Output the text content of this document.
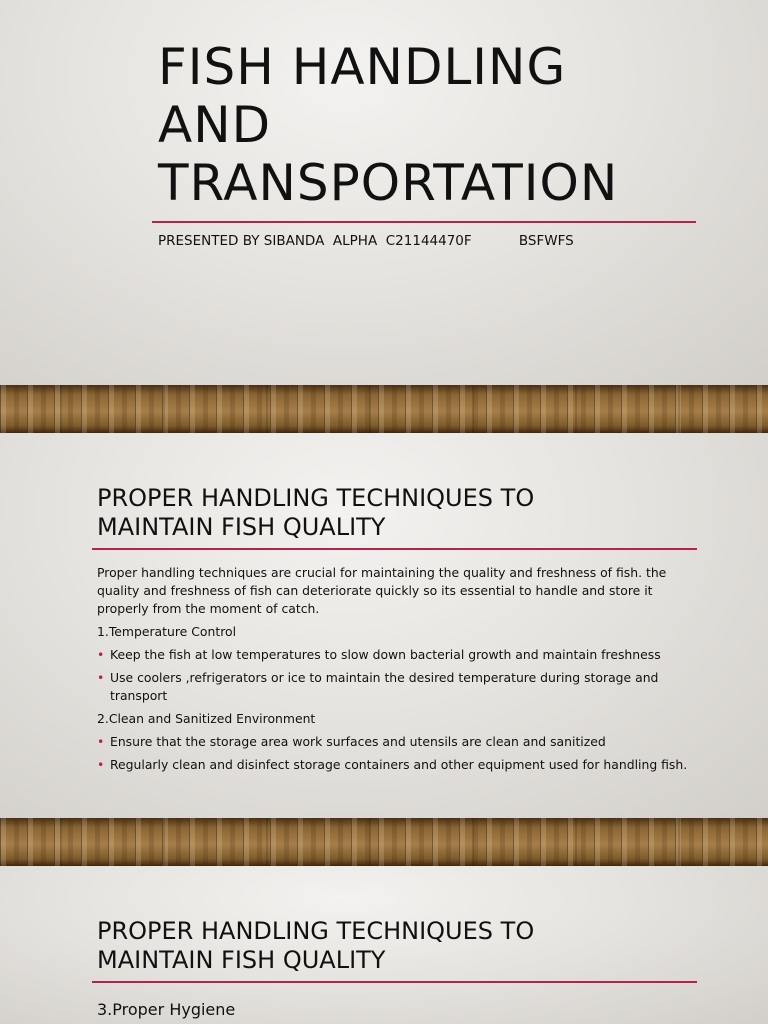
FISH HANDLING AND TRANSPORTATION
PRESENTED BY SIBANDA  ALPHA  C21144470F           BSFWFS
PROPER HANDLING TECHNIQUES TO MAINTAIN FISH QUALITY

Proper handling techniques are crucial for maintaining the quality and freshness of fish. the quality and freshness of fish can deteriorate quickly so its essential to handle and store it properly from the moment of catch.

1.Temperature Control

• Keep the fish at low temperatures to slow down bacterial growth and maintain freshness
• Use coolers ,refrigerators or ice to maintain the desired temperature during storage and transport

2.Clean and Sanitized Environment

• Ensure that the storage area work surfaces and utensils are clean and sanitized
• Regularly clean and disinfect storage containers and other equipment used for handling fish.
PROPER HANDLING TECHNIQUES TO MAINTAIN FISH QUALITY
3.Proper Hygiene
